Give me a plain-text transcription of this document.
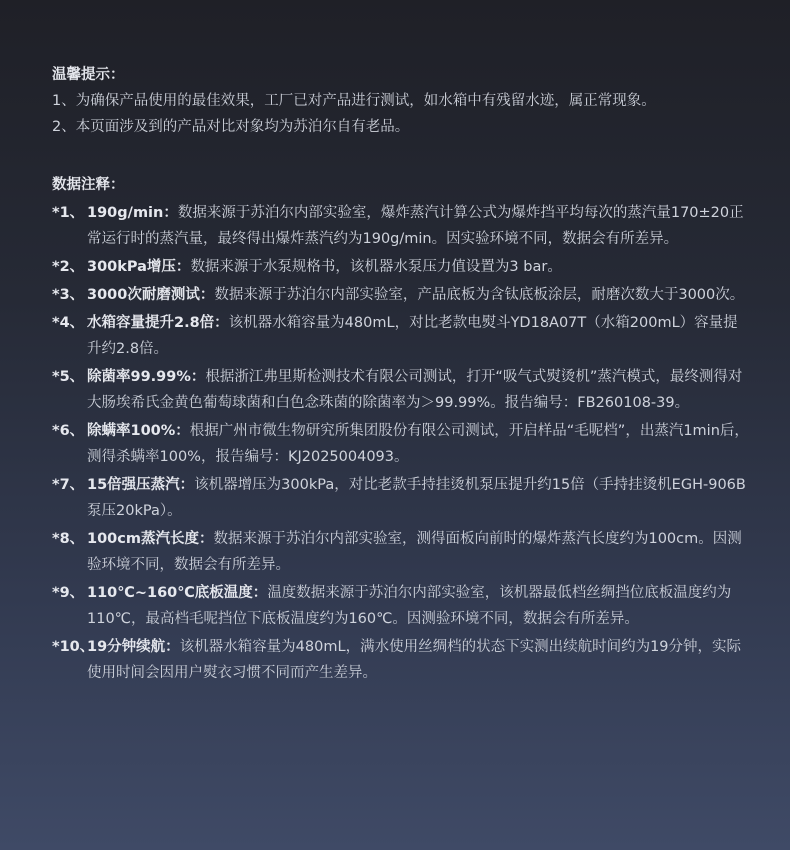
温馨提示：
1、为确保产品使用的最佳效果，工厂已对产品进行测试，如水箱中有残留水迹，属正常现象。
2、本页面涉及到的产品对比对象均为苏泊尔自有老品。
数据注释：
*1、 190g/min：数据来源于苏泊尔内部实验室，爆炸蒸汽计算公式为爆炸挡平均每次的蒸汽量170±20正常运行时的蒸汽量，最终得出爆炸蒸汽约为190g/min。因实验环境不同，数据会有所差异。
*2、 300kPa增压：数据来源于水泵规格书，该机器水泵压力值设置为3 bar。
*3、 3000次耐磨测试：数据来源于苏泊尔内部实验室，产品底板为含钛底板涂层，耐磨次数大于3000次。
*4、 水箱容量提升2.8倍：该机器水箱容量为480mL，对比老款电熨斗YD18A07T（水箱200mL）容量提升约2.8倍。
*5、 除菌率99.99%：根据浙江弗里斯检测技术有限公司测试，打开“吸气式熨烫机”蒸汽模式，最终测得对大肠埃希氏金黄色葡萄球菌和白色念珠菌的除菌率为＞99.99%。报告编号：FB260108-39。
*6、 除螨率100%：根据广州市微生物研究所集团股份有限公司测试，开启样品“毛呢档”，出蒸汽1min后，测得杀螨率100%，报告编号：KJ2025004093。
*7、 15倍强压蒸汽：该机器增压为300kPa，对比老款手持挂烫机泵压提升约15倍（手持挂烫机EGH-906B泵压20kPa）。
*8、 100cm蒸汽长度：数据来源于苏泊尔内部实验室，测得面板向前时的爆炸蒸汽长度约为100cm。因测验环境不同，数据会有所差异。
*9、 110℃~160℃底板温度：温度数据来源于苏泊尔内部实验室，该机器最低档丝绸挡位底板温度约为110℃，最高档毛呢挡位下底板温度约为160℃。因测验环境不同，数据会有所差异。
*10、
19分钟续航：该机器水箱容量为480mL，满水使用丝绸档的状态下实测出续航时间约为19分钟，实际使用时间会因用户熨衣习惯不同而产生差异。
